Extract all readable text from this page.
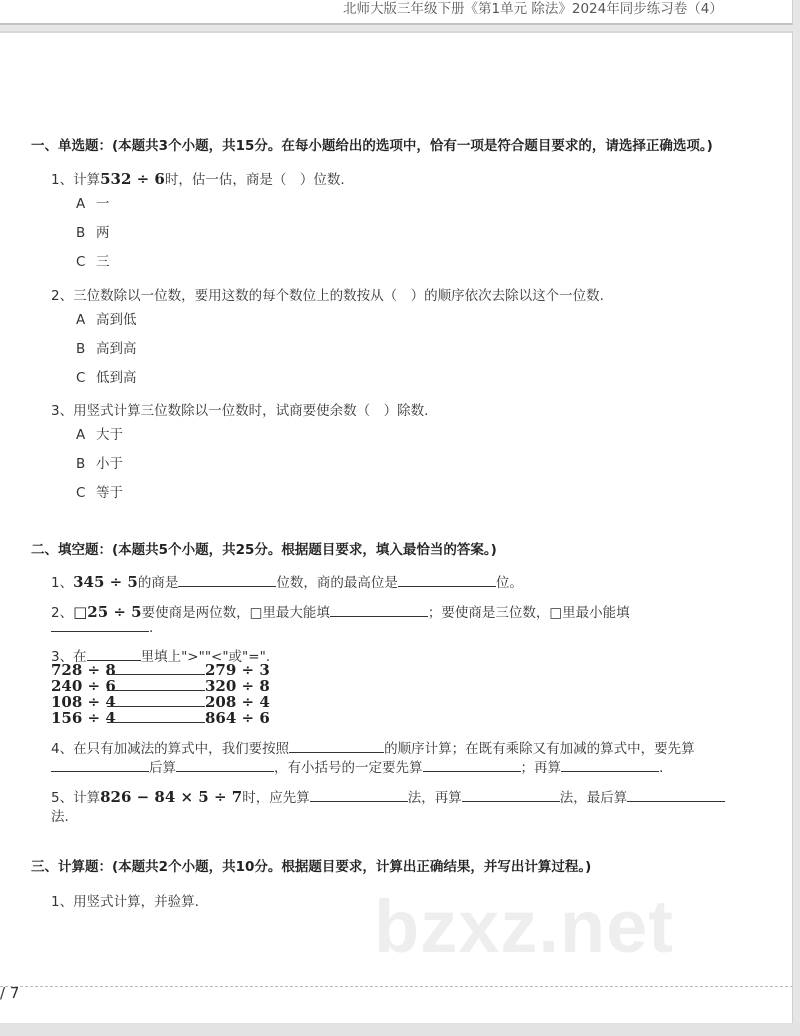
北师大版三年级下册《第1单元 除法》2024年同步练习卷（4）
一、单选题：(本题共3个小题，共15分。在每小题给出的选项中，恰有一项是符合题目要求的，请选择正确选项。)
1、计算532 ÷ 6时，估一估，商是（　）位数.
A 一
B 两
C 三
2、三位数除以一位数，要用这数的每个数位上的数按从（　）的顺序依次去除以这个一位数.
A 高到低
B 高到高
C 低到高
3、用竖式计算三位数除以一位数时，试商要使余数（　）除数.
A 大于
B 小于
C 等于
二、填空题：(本题共5个小题，共25分。根据题目要求，填入最恰当的答案。)
1、345 ÷ 5的商是	位数，商的最高位是	位。
2、□25 ÷ 5要使商是两位数，□里最大能填	；要使商是三位数，□里最小能填
.
3、在	里填上">""<"或"=".
728 ÷ 8	279 ÷ 3
240 ÷ 6	320 ÷ 8
108 ÷ 4	208 ÷ 4
156 ÷ 4	864 ÷ 6
4、在只有加减法的算式中，我们要按照	的顺序计算；在既有乘除又有加减的算式中，要先算
后算	，有小括号的一定要先算	；再算	.
5、计算826 − 84 × 5 ÷ 7时，应先算	法，再算	法，最后算
法.
三、计算题：(本题共2个小题，共10分。根据题目要求，计算出正确结果，并写出计算过程。)
1、用竖式计算，并验算. bzxz.net
/ 7
